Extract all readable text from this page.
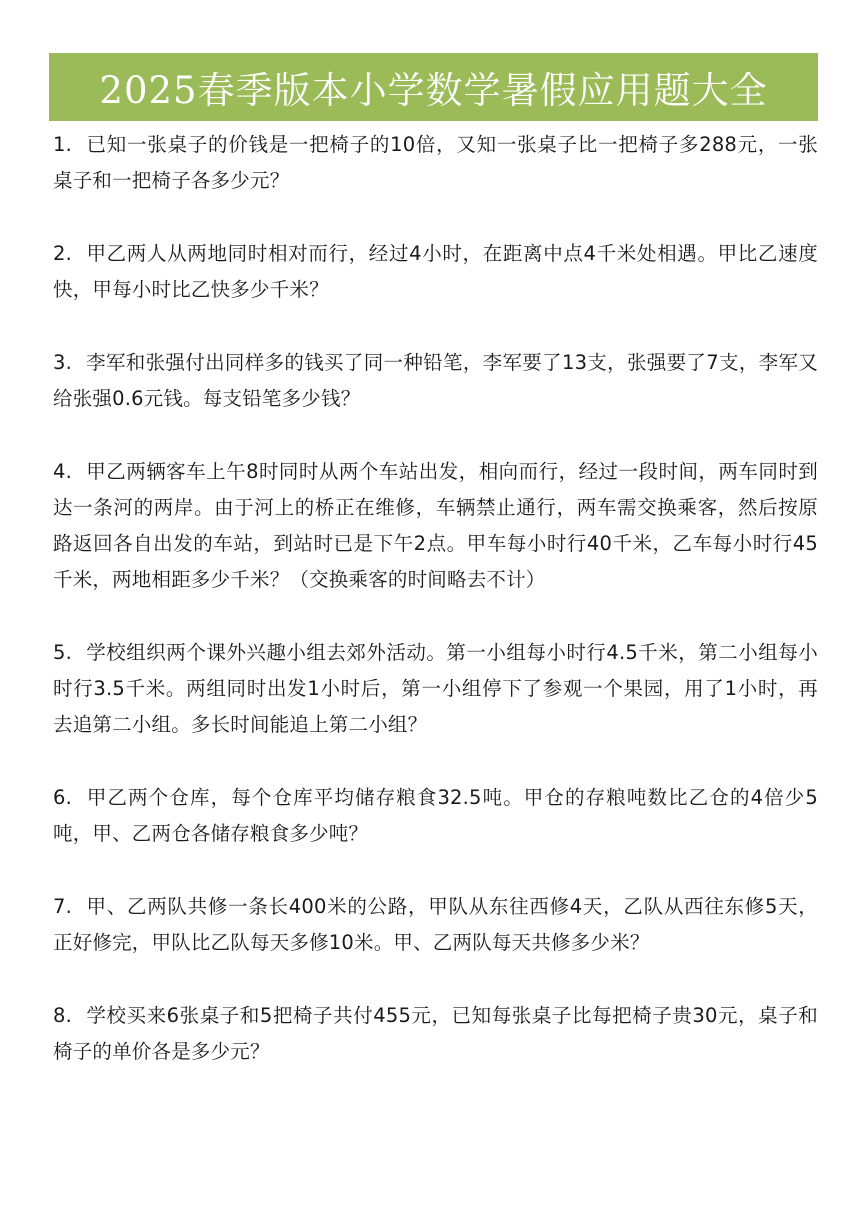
2025春季版本小学数学暑假应用题大全
1. 已知一张桌子的价钱是一把椅子的10倍，又知一张桌子比一把椅子多288元，一张桌子和一把椅子各多少元？
2. 甲乙两人从两地同时相对而行，经过4小时，在距离中点4千米处相遇。甲比乙速度快，甲每小时比乙快多少千米？
3. 李军和张强付出同样多的钱买了同一种铅笔，李军要了13支，张强要了7支，李军又给张强0.6元钱。每支铅笔多少钱？
4. 甲乙两辆客车上午8时同时从两个车站出发，相向而行，经过一段时间，两车同时到达一条河的两岸。由于河上的桥正在维修，车辆禁止通行，两车需交换乘客，然后按原路返回各自出发的车站，到站时已是下午2点。甲车每小时行40千米，乙车每小时行45千米，两地相距多少千米？（交换乘客的时间略去不计）
5. 学校组织两个课外兴趣小组去郊外活动。第一小组每小时行4.5千米，第二小组每小时行3.5千米。两组同时出发1小时后，第一小组停下了参观一个果园，用了1小时，再去追第二小组。多长时间能追上第二小组？
6. 甲乙两个仓库，每个仓库平均储存粮食32.5吨。甲仓的存粮吨数比乙仓的4倍少5吨，甲、乙两仓各储存粮食多少吨？
7. 甲、乙两队共修一条长400米的公路，甲队从东往西修4天，乙队从西往东修5天，正好修完，甲队比乙队每天多修10米。甲、乙两队每天共修多少米？
8. 学校买来6张桌子和5把椅子共付455元，已知每张桌子比每把椅子贵30元，桌子和椅子的单价各是多少元？
